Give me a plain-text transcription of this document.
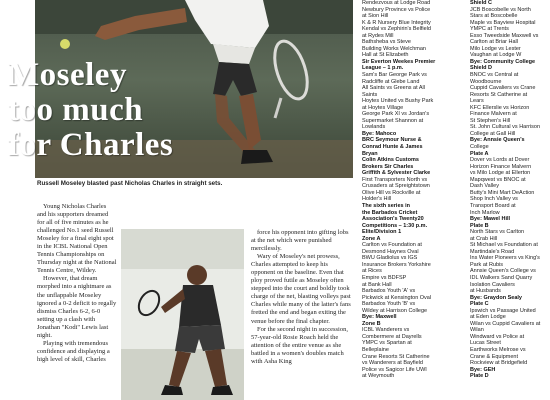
Moseley
too much
for Charles
Russell Moseley blasted past Nicholas Charles in straight sets.

Young Nicholas Charles and his supporters dreamed for all of five minutes as he challenged No.1 seed Russell Moseley for a final eight spot in the ICBL National Open Tennis Championships on Thursday night at the National Tennis Centre, Wildey.

However, that dream morphed into a nightmare as the unflappable Moseley ignored a 0-2 deficit to regally dismiss Charles 6-2, 6-0 setting up a clash with Jonathan "Kodi" Lewis last night.

Playing with tremendous confidence and displaying a high level of skill, Charles

force his opponent into gifting lobs at the net which were punished mercilessly.

Wary of Moseley's net prowess, Charles attempted to keep his opponent on the baseline. Even that ploy proved futile as Moseley often stepped into the court and boldly took charge of the net, blasting volleys past Charles while many of the latter's fans fretted the end and began exiting the venue before the final chapter.

For the second night in succession, 57-year-old Rosie Roach held the attention of the entire venue as she battled in a women's doubles match with Asha King

Rendezvous at Lodge Road
Newbury Province vs Police
at Sion Hill
K & R Nursery Blue Integrity
Kendal vs Zephirin's Belfield
at Rydes Mill
Bathsheba vs Steve
Building Works Welchman
Hall at St Elizabeth
Sir Everton Weekes Premier
League – 1 p.m.
Sam's Bar George Park vs
Radcliffe at Glebe Land
All Saints vs Greens at All
Saints
Hoytes United vs Bushy Park
at Hoytes Village
George Park XI vs Jordan's
Supermarket Shannon at
Lowlands
Bye: Mahoco
BRC Seymour Nurse &
Conrad Hunte & James
Bryan
Colin Atkins Customs
Brokers Sir Charles
Griffith & Sylvester Clarke
First Transporters North vs
Crusaders at Spreightstown
Olive Hill vs Rockville at
Holder's Hill
The sixth series in
the Barbados Cricket
Association's Twenty20
Competitions – 1:30 p.m.
Elite/Division 1
Zone A
Carlton vs Foundation at
Desmond Haynes Oval
BWU Gladiolus vs IGS
Insurance Brokers Yorkshire
at Rices
Empire vs BDFSP
at Bank Hall
Barbados Youth 'A' vs
Pickwick at Kensington Oval
Barbados Youth 'B' vs
Wildey at Harrison College
Bye: Maxwell
Zone B
ICBL Wanderers vs
Combermere at Dayrells
YMPC vs Spartan at
Belleplaine
Crane Resorts St Catherine
vs Wanderers at Bayfield
Police vs Sagicor Life UWI
at Weymouth
Shield C
JCB Boscobelle vs North
Stars at Boscobelle
Maple vs Bayview Hospital
YMPC at Trents
Esso Tweedside Maxwell vs
Carlton at Briar Hall
Milo Lodge vs Lester
Vaughan at Lodge W
Bye: Community College
Shield D
BNOC vs Central at
Woodbourne
Cuppid Cavaliers vs Crane
Resorts St Catherine at
Lears
KFC Ellerslie vs Horizon
Finance Malvern at
St Stephen's Hill
St. John Cultural vs Harrison
College at Gall Hill
Bye: Annsie Queen's
College
Plate A
Dover vs Lords at Dover
Horizon Finance Malvern
vs Milo Lodge at Ellerton
Mapqwest vs BNOC at
Dash Valley
Butty's Mini Mart DeAction
Shop Inch Valley vs
Transport Board at
Inch Marlow
Bye: Mawel Hill
Plate B
North Stars vs Carlton
at Crab Hill
St Michael vs Foundation at
Martindale's Road
Ins Water Pioneers vs King's
Park at Rubis
Annsie Queen's College vs
IDL Walkers Sand Quarry
Isolation Cavaliers
at Husbands
Bye: Graydon Sealy
Plate C
Ipswich vs Passage United
at Eden Lodge
Wilan vs Cuppid Cavaliers at
Wilan
Windward vs Police at
Lucas Street
Earthworks Melrose vs
Crane & Equipment
Rockview at Bridgefield
Bye: GEH
Plate D
